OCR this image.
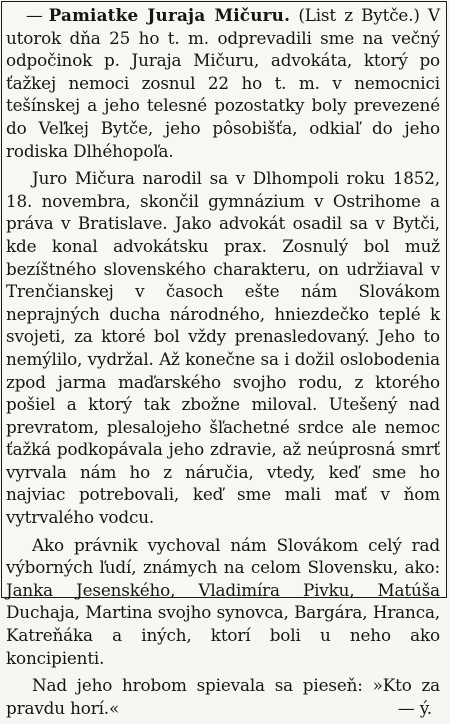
— Pamiatke Juraja Mičuru. (List z Bytče.) V utorok dňa 25 ho t. m. odprevadili sme na večný odpočinok p. Juraja Mičuru, advokáta, ktorý po ťažkej nemoci zosnul 22 ho t. m. v nemocnici tešínskej a jeho telesné pozostatky boly prevezené do Veľkej Bytče, jeho pôsobišťa, odkiaľ do jeho rodiska Dlhéhopoľa.

Juro Mičura narodil sa v Dlhompoli roku 1852, 18. novembra, skončil gymnázium v Ostrihome a práva v Bratislave. Jako advokát osadil sa v Bytči, kde konal advokátsku prax. Zosnulý bol muž bezíštného slovenského charakteru, on udržiaval v Trenčianskej v časoch ešte nám Slovákom neprajných ducha národného, hniezdečko teplé k svojeti, za ktoré bol vždy prenasledovaný. Jeho to nemýlilo, vydržal. Až konečne sa i dožil oslobodenia zpod jarma maďarského svojho rodu, z ktorého pošiel a ktorý tak zbožne miloval. Utešený nad prevratom, plesalojeho šľachetné srdce ale nemoc ťažká podkopávala jeho zdravie, až neúprosná smrť vyrvala nám ho z náručia, vtedy, keď sme ho najviac potrebovali, keď sme mali mať v ňom vytrvalého vodcu.

Ako právnik vychoval nám Slovákom celý rad výborných ľudí, známych na celom Slovensku, ako: Janka Jesenského, Vladimíra Pivku, Matúša Duchaja, Martina svojho synovca, Bargára, Hranca, Katreňáka a iných, ktorí boli u neho ako koncipienti.

Nad jeho hrobom spievala sa pieseň: »Kto za pravdu horí.«	— ý.
